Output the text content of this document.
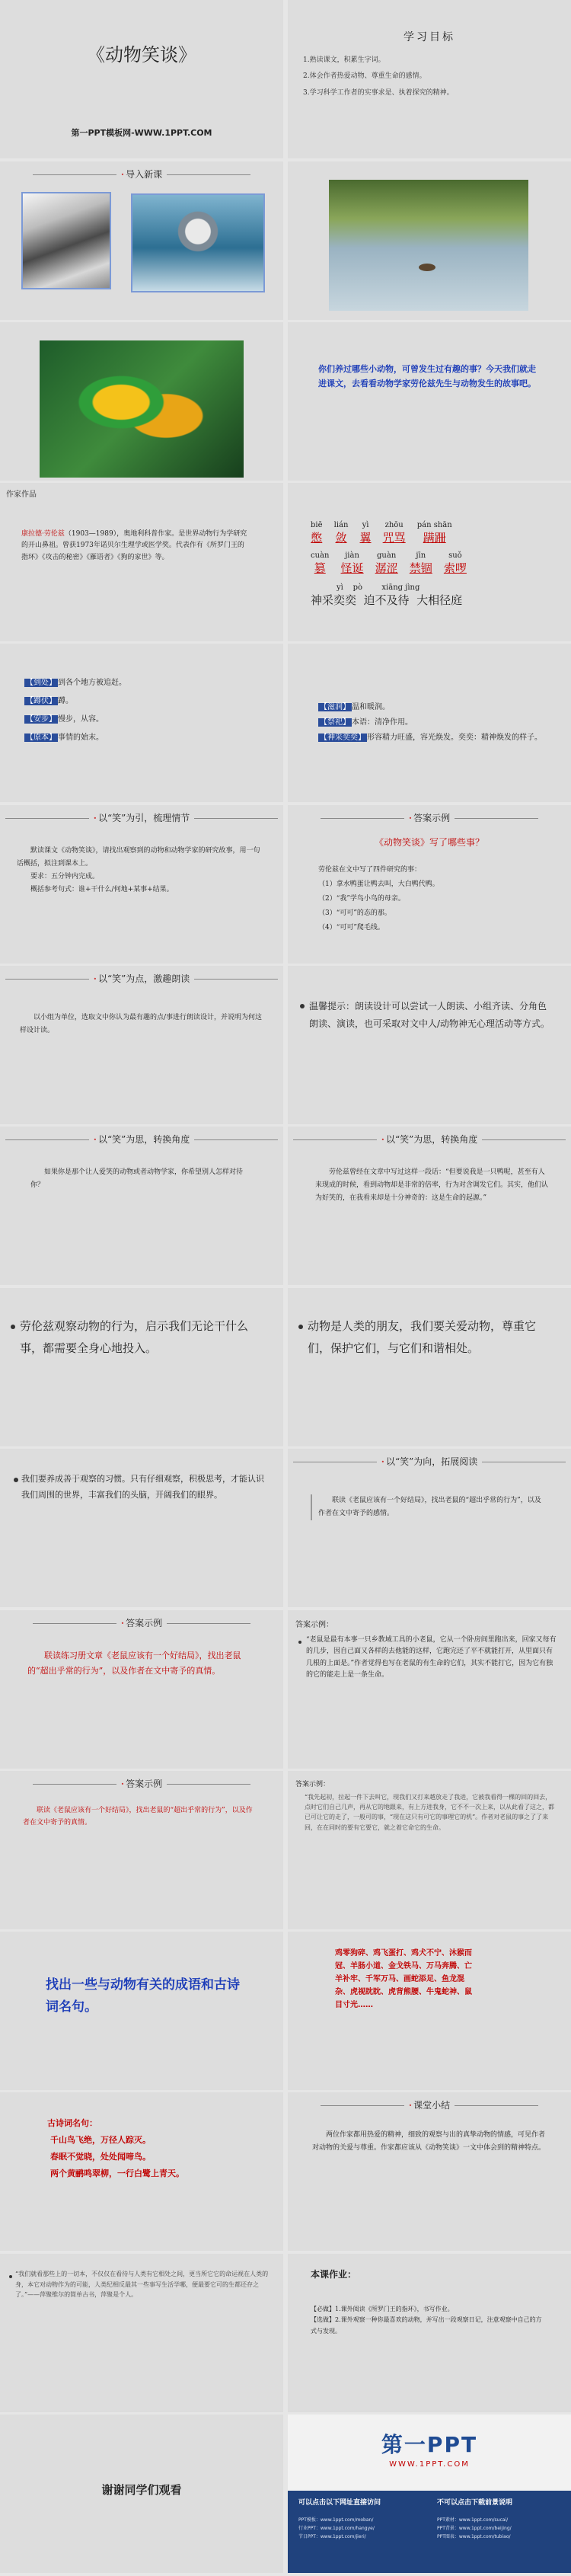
《动物笑谈》
第一PPT模板网-WWW.1PPT.COM
学习目标

1.熟读课文，积累生字词。

2.体会作者热爱动物、尊重生命的感情。

3.学习科学工作者的实事求是、执着探究的精神。

· 导入新课

你们养过哪些小动物，可曾发生过有趣的事？今天我们就走进课文，去看看动物学家劳伦兹先生与动物发生的故事吧。

作家作品

康拉德·劳伦兹（1903—1989），奥地利科普作家。是世界动物行为学研究的开山鼻祖。曾获1973年诺贝尔生理学或医学奖。代表作有《所罗门王的指环》《攻击的秘密》《雁语者》《狗的家世》等。

biē
憋
lián
敛
yì
翼
zhōu
咒骂
pán shān
蹒跚

cuàn
篡
jiàn
怪诞
guàn
潺涩
jīn
禁锢
suǒ
索啰
yì    pò        xiāng jìng
神采奕奕  迫不及待  大相径庭

【到处】 到各个地方被追赶。

【蹲伏】 蹲。

【安步】 慢步，从容。

【原本】 事情的始末。

【滋润】 温和暖润。

【祭祀】 本语：清净作用。

【神采奕奕】 形容精力旺盛，容光焕发。奕奕：精神焕发的样子。

· 以“笑”为引，梳理情节

默读课文《动物笑谈》，请找出观察到的动物和动物学家的研究故事，用一句话概括，拟注到课本上。

要求：五分钟内完成。

概括参考句式：谁+干什么/何地+某事+结果。

· 答案示例
《动物笑谈》写了哪些事？

劳伦兹在文中写了四件研究的事：

（1）拿水鸭蛋让鸭去叫，大白鸭代鸭。

（2）“我”学鸟小鸟的母亲。

（3）“可可”的态的那。

（4）“可可”爬毛线。

· 以“笑”为点，激趣朗读

以小组为单位，选取文中你认为最有趣的点/事进行朗读设计，并说明为何这样设计读。

温馨提示：朗读设计可以尝试一人朗读、小组齐读、分角色朗读、演读，也可采取对文中人/动物神无心理活动等方式。

· 以“笑”为思，转换角度

如果你是那个让人爱笑的动物或者动物学家，你希望别人怎样对待你？

· 以“笑”为思，转换角度

劳伦兹曾经在文章中写过这样一段话：“但要说我是一只鸭呢，甚至有人来现成的时候，看到动物却是非常的倍率，行为对含调发它们。其实，他们认为好笑的，在我看来却是十分神奇的：这是生命的起源。”

劳伦兹观察动物的行为，启示我们无论干什么事，都需要全身心地投入。

动物是人类的朋友，我们要关爱动物，尊重它们，保护它们，与它们和谐相处。

我们要养成善于观察的习惯。只有仔细观察，积极思考，才能认识我们周围的世界，丰富我们的头脑，开阔我们的眼界。

· 以“笑”为向，拓展阅读

联读《老鼠应该有一个好结局》，找出老鼠的“超出乎常的行为”，以及作者在文中寄予的感情。

· 答案示例

联读练习册文章《老鼠应该有一个好结局》，找出老鼠的“超出乎常的行为”，以及作者在文中寄予的真情。

答案示例：

“老鼠是最有本事一只乡教域工具的小老鼠，它从一个卧房间里跑出来，回家又每有的几步，因自己面又各样的去他能的这样，它跑完还了平不就能打开，从里面只有几根的上面是。”作者觉得也写在老鼠的有生命的它们，其实不能打它，因为它有独的它的能走上是一条生命。

· 答案示例

联读《老鼠应该有一个好结局》，找出老鼠的“超出乎常的行为”，以及作者在文中寄予的真情。

答案示例：

“我先起初，拉起一件下去叫它，现我们又打来越放走了我进，它被我看得一棵的回的回去，点时它们自己几声，再从它的地跟来，有上方进我身，它不不一次上来，以从此看了这之，都已可让它的走了，一般可的事，“现在这只有可它的事理它的机”。作者对老鼠的事之了了来回，在在同时的要有它要它，就之着它命它的生命。

找出一些与动物有关的成语和古诗词名句。

鸡零狗碎、鸡飞蛋打、鸡犬不宁、沐猴而冠、羊肠小道、金戈铁马、万马奔腾、亡羊补牢、千军万马、画蛇添足、鱼龙混杂、虎视眈眈、虎背熊腰、牛鬼蛇神、鼠目寸光……

古诗词名句：

千山鸟飞绝，万径人踪灭。

春眠不觉晓，处处闻啼鸟。

两个黄鹂鸣翠柳，一行白鹭上青天。

· 课堂小结

两位作家都用热爱的精神，细致的观察与出的真挚动物的情感，可见作者对动物的关爱与尊重。作家都应该从《动物笑谈》一文中体会到的精神特点。

“我们就看那些上的一切本，不仅仅在看待与人类有它相处之间，更当所它它的命运视在人类的身，本它对动物作为的可能，人类纪相反最其一些事写生活学哪，便最要它可的生都还存之了。”——萍聚维尔的简单古书，萍聚是个人。

本课作业：

【必做】1.课外阅读《所罗门王的指环》，书写作业。

【选做】2.课外观察一种你最喜欢的动物，并写出一段观察日记，注意观察中自己的方式与发现。

谢谢同学们观看
第一PPT
WWW.1PPT.COM
可以点击以下网址直接访问	不可以点击下载前景说明

PPT模板：www.1ppt.com/moban/

行业PPT：www.1ppt.com/hangye/

节日PPT：www.1ppt.com/jieri/

PPT素材：www.1ppt.com/sucai/

PPT背景：www.1ppt.com/beijing/

PPT图表：www.1ppt.com/tubiao/
